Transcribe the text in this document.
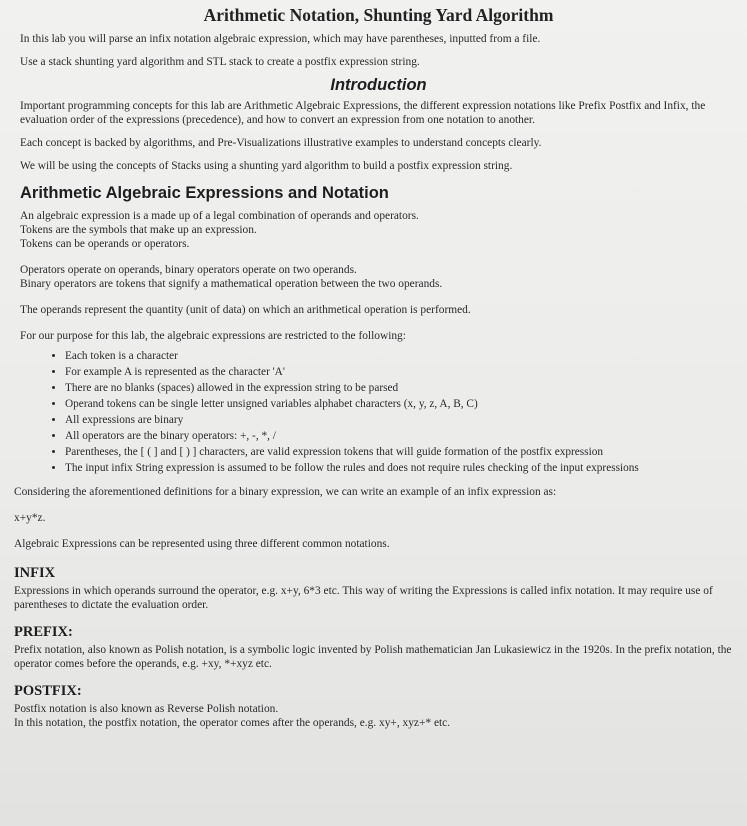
Arithmetic Notation, Shunting Yard Algorithm

In this lab you will parse an infix notation algebraic expression, which may have parentheses, inputted from a file.

Use a stack shunting yard algorithm and STL stack to create a postfix expression string.

Introduction

Important programming concepts for this lab are Arithmetic Algebraic Expressions, the different expression notations like Prefix Postfix and Infix, the evaluation order of the expressions (precedence), and how to convert an expression from one notation to another.

Each concept is backed by algorithms, and Pre-Visualizations illustrative examples to understand concepts clearly.

We will be using the concepts of Stacks using a shunting yard algorithm to build a postfix expression string.

Arithmetic Algebraic Expressions and Notation

An algebraic expression is a made up of a legal combination of operands and operators.

Tokens are the symbols that make up an expression.

Tokens can be operands or operators.

Operators operate on operands, binary operators operate on two operands.

Binary operators are tokens that signify a mathematical operation between the two operands.

The operands represent the quantity (unit of data) on which an arithmetical operation is performed.

For our purpose for this lab, the algebraic expressions are restricted to the following:

• Each token is a character
• For example A is represented as the character 'A'
• There are no blanks (spaces) allowed in the expression string to be parsed
• Operand tokens can be single letter unsigned variables alphabet characters (x, y, z, A, B, C)
• All expressions are binary
• All operators are the binary operators: +, -, *, /
• Parentheses, the [ ( ] and [ ) ] characters, are valid expression tokens that will guide formation of the postfix expression
• The input infix String expression is assumed to be follow the rules and does not require rules checking of the input expressions

Considering the aforementioned definitions for a binary expression, we can write an example of an infix expression as:

x+y*z.

Algebraic Expressions can be represented using three different common notations.

INFIX

Expressions in which operands surround the operator, e.g. x+y, 6*3 etc. This way of writing the Expressions is called infix notation. It may require use of parentheses to dictate the evaluation order.

PREFIX:

Prefix notation, also known as Polish notation, is a symbolic logic invented by Polish mathematician Jan Lukasiewicz in the 1920s. In the prefix notation, the operator comes before the operands, e.g. +xy, *+xyz etc.

POSTFIX:

Postfix notation is also known as Reverse Polish notation.

In this notation, the postfix notation, the operator comes after the operands, e.g. xy+, xyz+* etc.
